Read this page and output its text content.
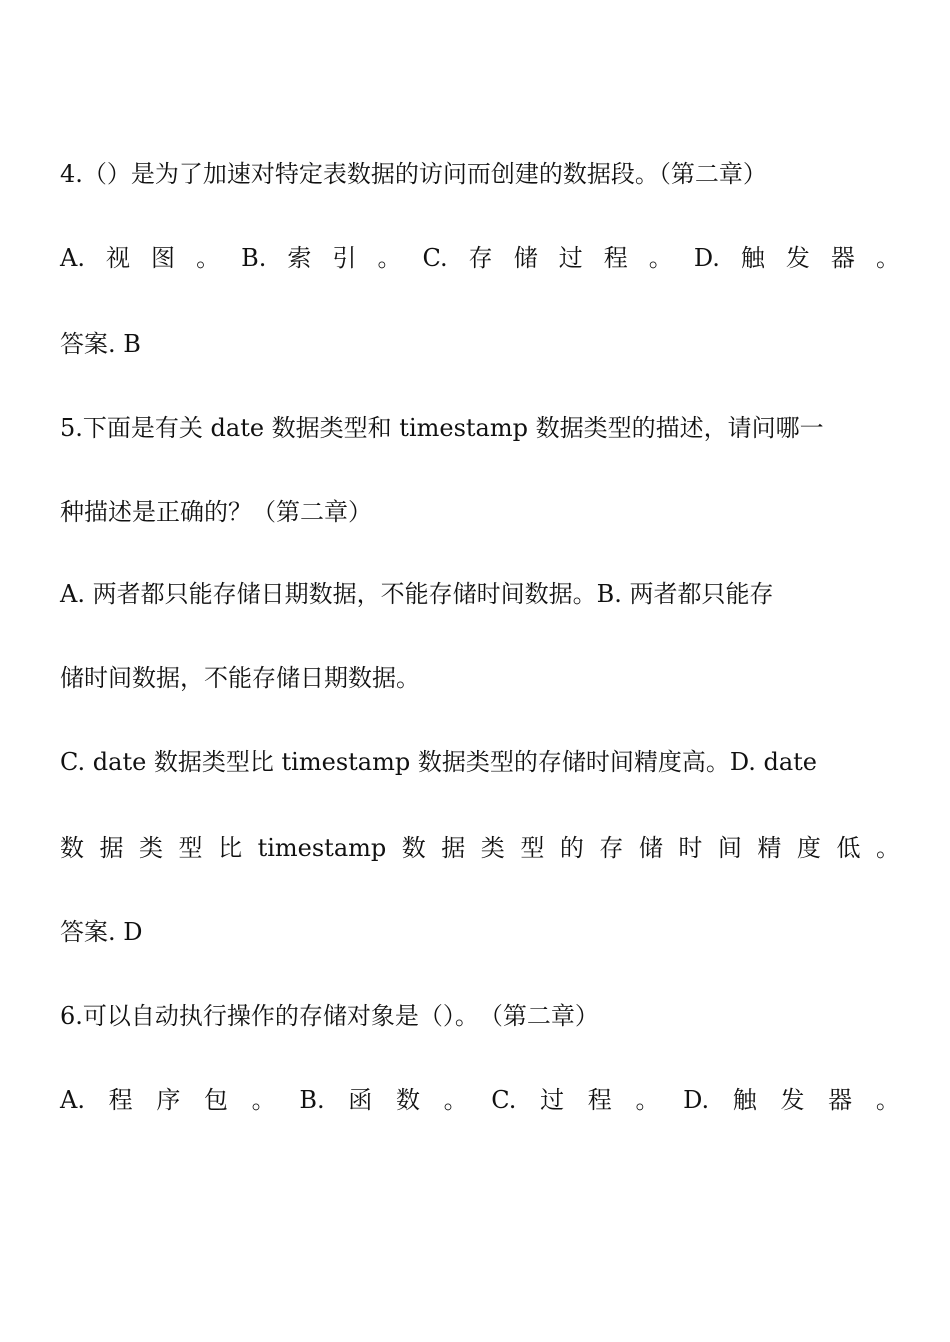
4.（）是为了加速对特定表数据的访问而创建的数据段。（第二章）
A. 视 图 。 B. 索 引 。 C. 存 储 过 程 。 D. 触 发 器 。
答案. B
5.下面是有关 date 数据类型和 timestamp 数据类型的描述，请问哪一
种描述是正确的？（第二章）
A. 两者都只能存储日期数据，不能存储时间数据。B. 两者都只能存
储时间数据，不能存储日期数据。
C. date 数据类型比 timestamp 数据类型的存储时间精度高。D. date
数 据 类 型 比 timestamp 数 据 类 型 的 存 储 时 间 精 度 低 。
答案. D
6.可以自动执行操作的存储对象是（）。　（第二章）
A. 程 序 包 。 B. 函 数 。 C. 过 程 。 D. 触 发 器 。
